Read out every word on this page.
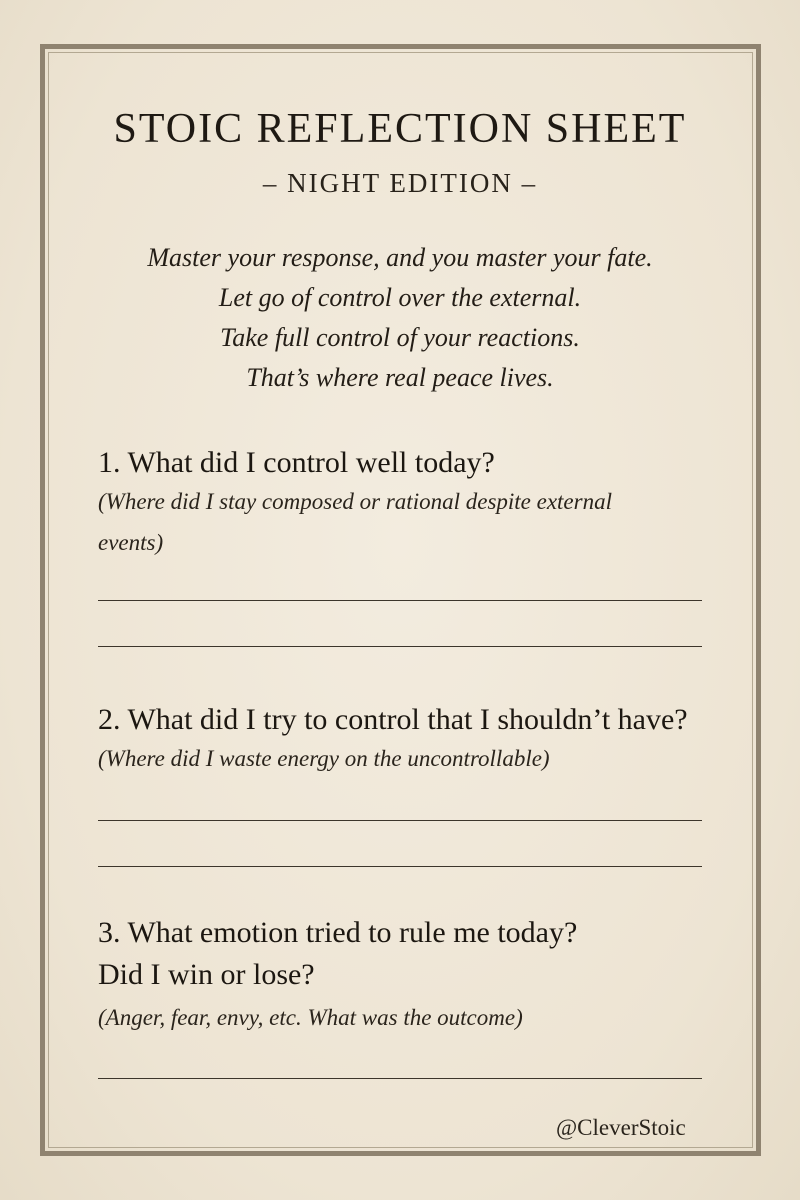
STOIC REFLECTION SHEET
– NIGHT EDITION –
Master your response, and you master your fate.
Let go of control over the external.
Take full control of your reactions.
That’s where real peace lives.
1. What did I control well today?
(Where did I stay composed or rational despite external
events)
2. What did I try to control that I shouldn’t have?
(Where did I waste energy on the uncontrollable)
3. What emotion tried to rule me today?
Did I win or lose?
(Anger, fear, envy, etc. What was the outcome)
@CleverStoic
